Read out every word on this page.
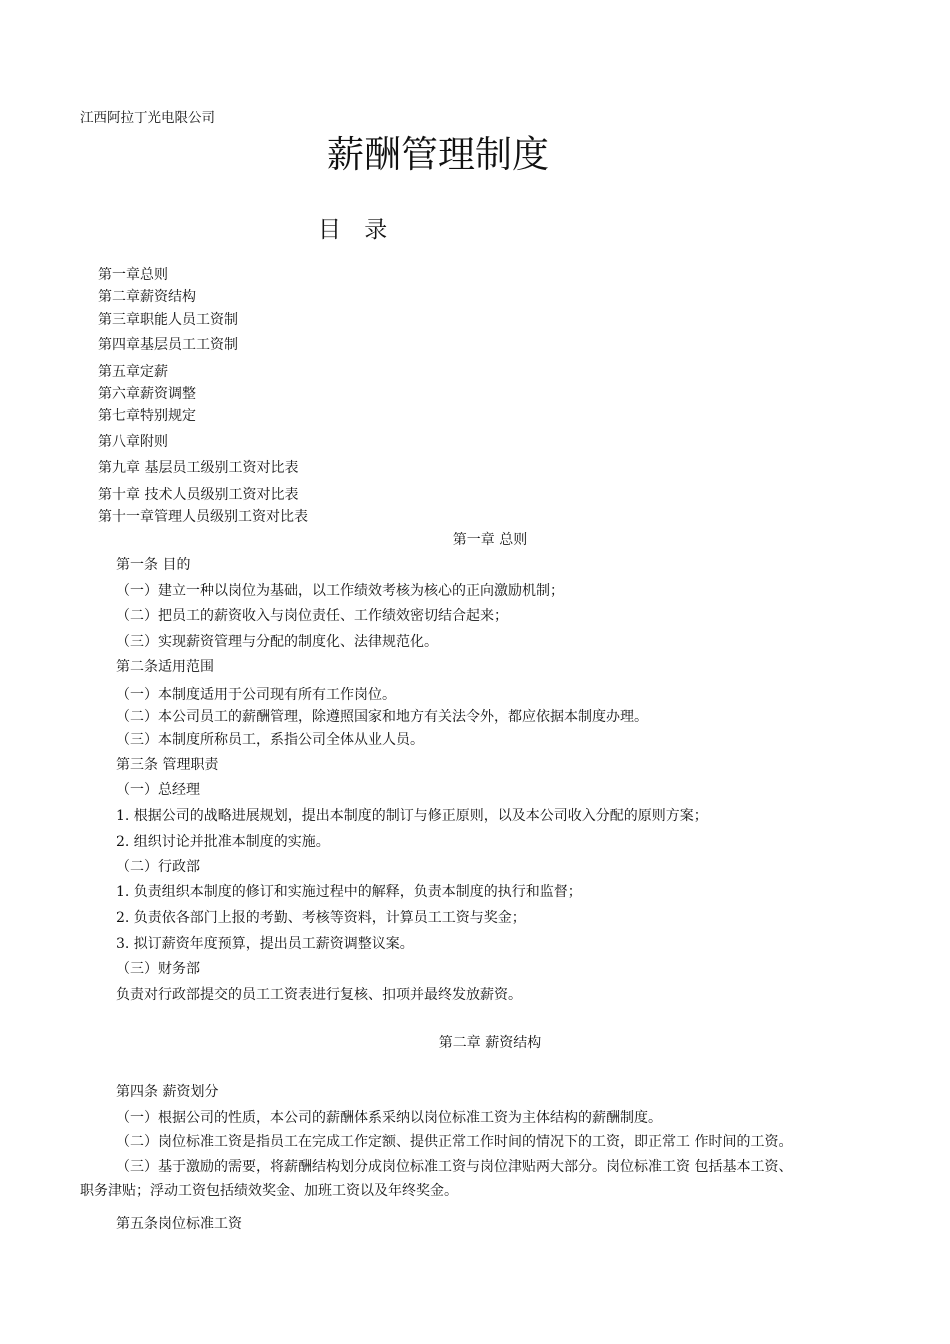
江西阿拉丁光电限公司

薪酬管理制度
目 录
第一章总则
第二章薪资结构
第三章职能人员工资制
第四章基层员工工资制
第五章定薪
第六章薪资调整
第七章特别规定
第八章附则
第九章 基层员工级别工资对比表
第十章 技术人员级别工资对比表
第十一章管理人员级别工资对比表
第一章 总则

第一条 目的

（一）建立一种以岗位为基础，以工作绩效考核为核心的正向激励机制；

（二）把员工的薪资收入与岗位责任、工作绩效密切结合起来；

（三）实现薪资管理与分配的制度化、法律规范化。

第二条适用范围

（一）本制度适用于公司现有所有工作岗位。

（二）本公司员工的薪酬管理，除遵照国家和地方有关法令外，都应依据本制度办理。

（三）本制度所称员工，系指公司全体从业人员。

第三条 管理职责

（一）总经理

1. 根据公司的战略进展规划，提出本制度的制订与修正原则，以及本公司收入分配的原则方案；

2. 组织讨论并批准本制度的实施。

（二）行政部

1. 负责组织本制度的修订和实施过程中的解释，负责本制度的执行和监督；

2. 负责依各部门上报的考勤、考核等资料，计算员工工资与奖金；

3. 拟订薪资年度预算，提出员工薪资调整议案。

（三）财务部

负责对行政部提交的员工工资表进行复核、扣项并最终发放薪资。

第二章 薪资结构

第四条 薪资划分

（一）根据公司的性质，本公司的薪酬体系采纳以岗位标准工资为主体结构的薪酬制度。

（二）岗位标准工资是指员工在完成工作定额、提供正常工作时间的情况下的工资，即正常工 作时间的工资。

（三）基于激励的需要，将薪酬结构划分成岗位标准工资与岗位津贴两大部分。岗位标准工资 包括基本工资、

职务津贴；浮动工资包括绩效奖金、加班工资以及年终奖金。

第五条岗位标准工资
